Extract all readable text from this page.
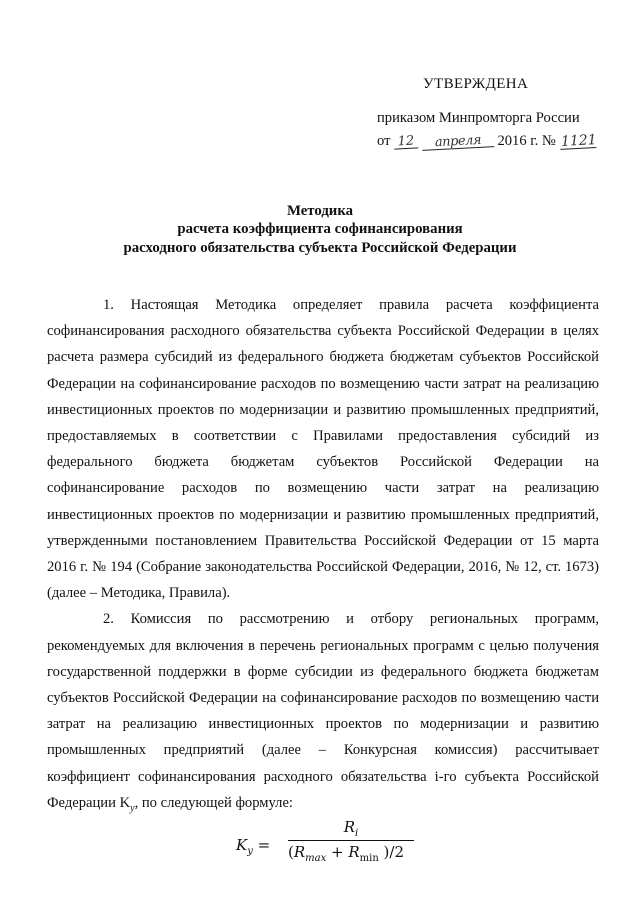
УТВЕРЖДЕНА
приказом Минпромторга России
от 12 апреля 2016 г. № 1121
Методика
расчета коэффициента софинансирования
расходного обязательства субъекта Российской Федерации

1. Настоящая Методика определяет правила расчета коэффициента софинансирования расходного обязательства субъекта Российской Федерации в целях расчета размера субсидий из федерального бюджета бюджетам субъектов Российской Федерации на софинансирование расходов по возмещению части затрат на реализацию инвестиционных проектов по модернизации и развитию промышленных предприятий, предоставляемых в соответствии с Правилами предоставления субсидий из федерального бюджета бюджетам субъектов Российской Федерации на софинансирование расходов по возмещению части затрат на реализацию инвестиционных проектов по модернизации и развитию промышленных предприятий, утвержденными постановлением Правительства Российской Федерации от 15 марта 2016 г. № 194 (Собрание законодательства Российской Федерации, 2016, № 12, ст. 1673) (далее – Методика, Правила).

2. Комиссия по рассмотрению и отбору региональных программ, рекомендуемых для включения в перечень региональных программ с целью получения государственной поддержки в форме субсидии из федерального бюджета бюджетам субъектов Российской Федерации на софинансирование расходов по возмещению части затрат на реализацию инвестиционных проектов по модернизации и развитию промышленных предприятий (далее – Конкурсная комиссия) рассчитывает коэффициент софинансирования расходного обязательства i-го субъекта Российской Федерации $K_y$, по следующей формуле:

$K_y$ =
$R_i$
($R_{max} + R_{min}$ )/2
